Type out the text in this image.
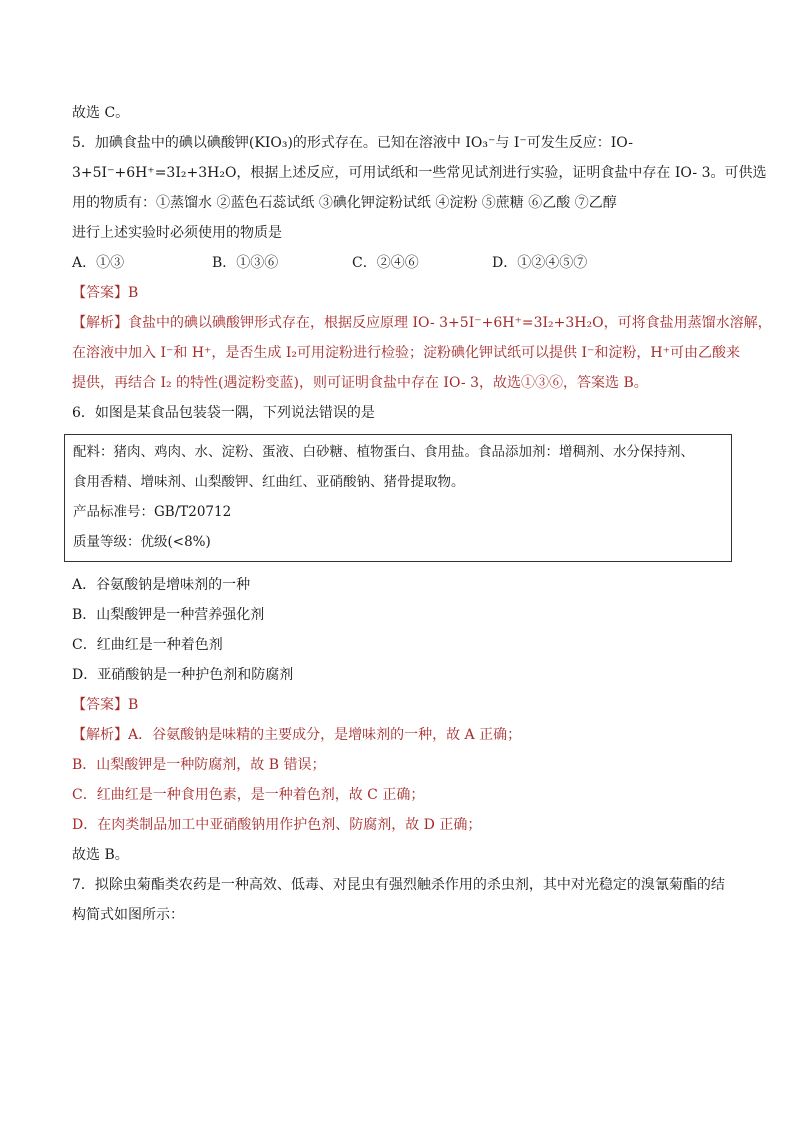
故选 C。
5．加碘食盐中的碘以碘酸钾(KIO₃)的形式存在。已知在溶液中 IO₃⁻与 I⁻可发生反应：IO-
3+5I⁻+6H⁺=3I₂+3H₂O，根据上述反应，可用试纸和一些常见试剂进行实验，证明食盐中存在 IO- 3。可供选
用的物质有：①蒸馏水 ②蓝色石蕊试纸 ③碘化钾淀粉试纸 ④淀粉 ⑤蔗糖 ⑥乙酸 ⑦乙醇
进行上述实验时必须使用的物质是
A．①③	B．①③⑥	C．②④⑥	D．①②④⑤⑦
【答案】B
【解析】食盐中的碘以碘酸钾形式存在，根据反应原理 IO- 3+5I⁻+6H⁺=3I₂+3H₂O，可将食盐用蒸馏水溶解，
在溶液中加入 I⁻和 H⁺，是否生成 I₂可用淀粉进行检验；淀粉碘化钾试纸可以提供 I⁻和淀粉，H⁺可由乙酸来
提供，再结合 I₂ 的特性(遇淀粉变蓝)，则可证明食盐中存在 IO- 3，故选①③⑥，答案选 B。
6．如图是某食品包装袋一隅，下列说法错误的是
配料：猪肉、鸡肉、水、淀粉、蛋液、白砂糖、植物蛋白、食用盐。食品添加剂：增稠剂、水分保持剂、
食用香精、增味剂、山梨酸钾、红曲红、亚硝酸钠、猪骨提取物。
产品标准号：GB/T20712
质量等级：优级(<8%)
A．谷氨酸钠是增味剂的一种
B．山梨酸钾是一种营养强化剂
C．红曲红是一种着色剂
D．亚硝酸钠是一种护色剂和防腐剂
【答案】B
【解析】A．谷氨酸钠是味精的主要成分，是增味剂的一种，故 A 正确；
B．山梨酸钾是一种防腐剂，故 B 错误；
C．红曲红是一种食用色素，是一种着色剂，故 C 正确；
D．在肉类制品加工中亚硝酸钠用作护色剂、防腐剂，故 D 正确；
故选 B。
7．拟除虫菊酯类农药是一种高效、低毒、对昆虫有强烈触杀作用的杀虫剂，其中对光稳定的溴氰菊酯的结
构简式如图所示：
